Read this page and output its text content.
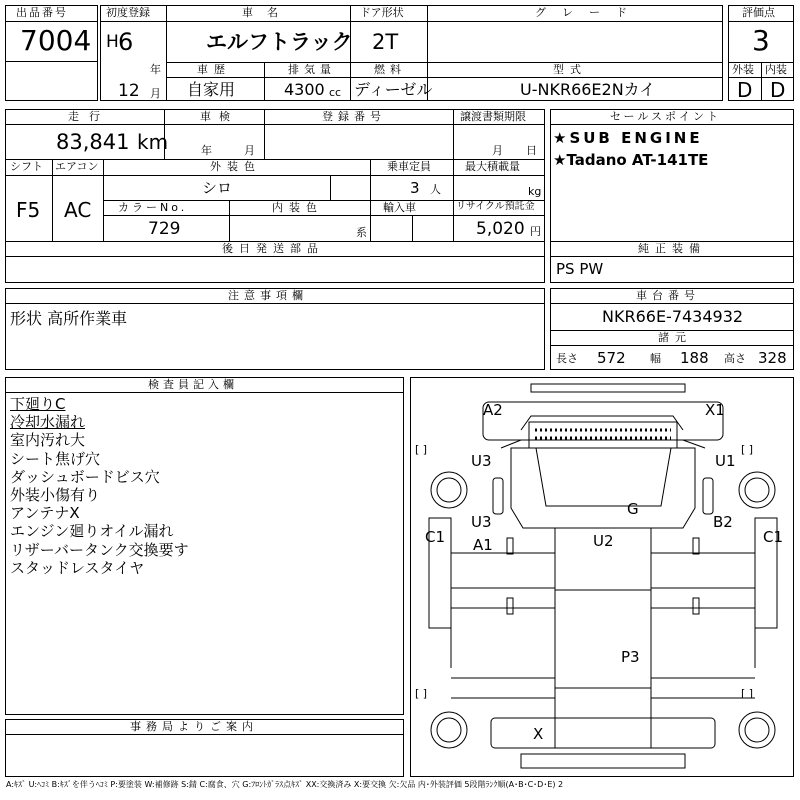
出品番号
7004
初度登録
H 6
年
12 月
車名
エルフトラック
ドア形状
2T
グレード	評価点
3
車歴
自家用
排気量
4300 cc
燃料
ディーゼル
型式
U-NKR66E2Nカイ
外装 内装
D D
走行
83,841 km
車検
年	月
登録番号	譲渡書類期限
月 日
シフト
F5
エアコン
AC
外装色
シロ
乗車定員
3 人
最大積載量
kg
カラーNo.
729
内装色
系
輸入車	リサイクル預託金
5,020 円
後日発送部品
セールスポイント
★SUB ENGINE
★Tadano AT-141TE
純正装備
PS PW
注意事項欄
形状 高所作業車
車台番号
NKR66E-7434932
諸元
長さ 572 幅 188 高さ 328
検査員記入欄
下廻りC
冷却水漏れ
室内汚れ大
シート焦げ穴
ダッシュボードビス穴
外装小傷有り
アンテナX
エンジン廻りオイル漏れ
リザーバータンク交換要す
スタッドレスタイヤ
事務局よりご案内
A2	X1
U3	U1
G
U3	B2
C1	C1
A1	U2
P3
X
[ ]	[ ]
[ ]	[ ]
A:ｷｽﾞ U:ﾍｺﾐ B:ｷｽﾞを伴うﾍｺﾐ P:要塗装 W:補修跡 S:錆 C:腐食、穴 G:ﾌﾛﾝﾄｶﾞﾗｽ点ｷｽﾞ XX:交換済み X:要交換 欠:欠品 内･外装評価 5段階ﾗﾝｸ順(A･B･C･D･E) 2
